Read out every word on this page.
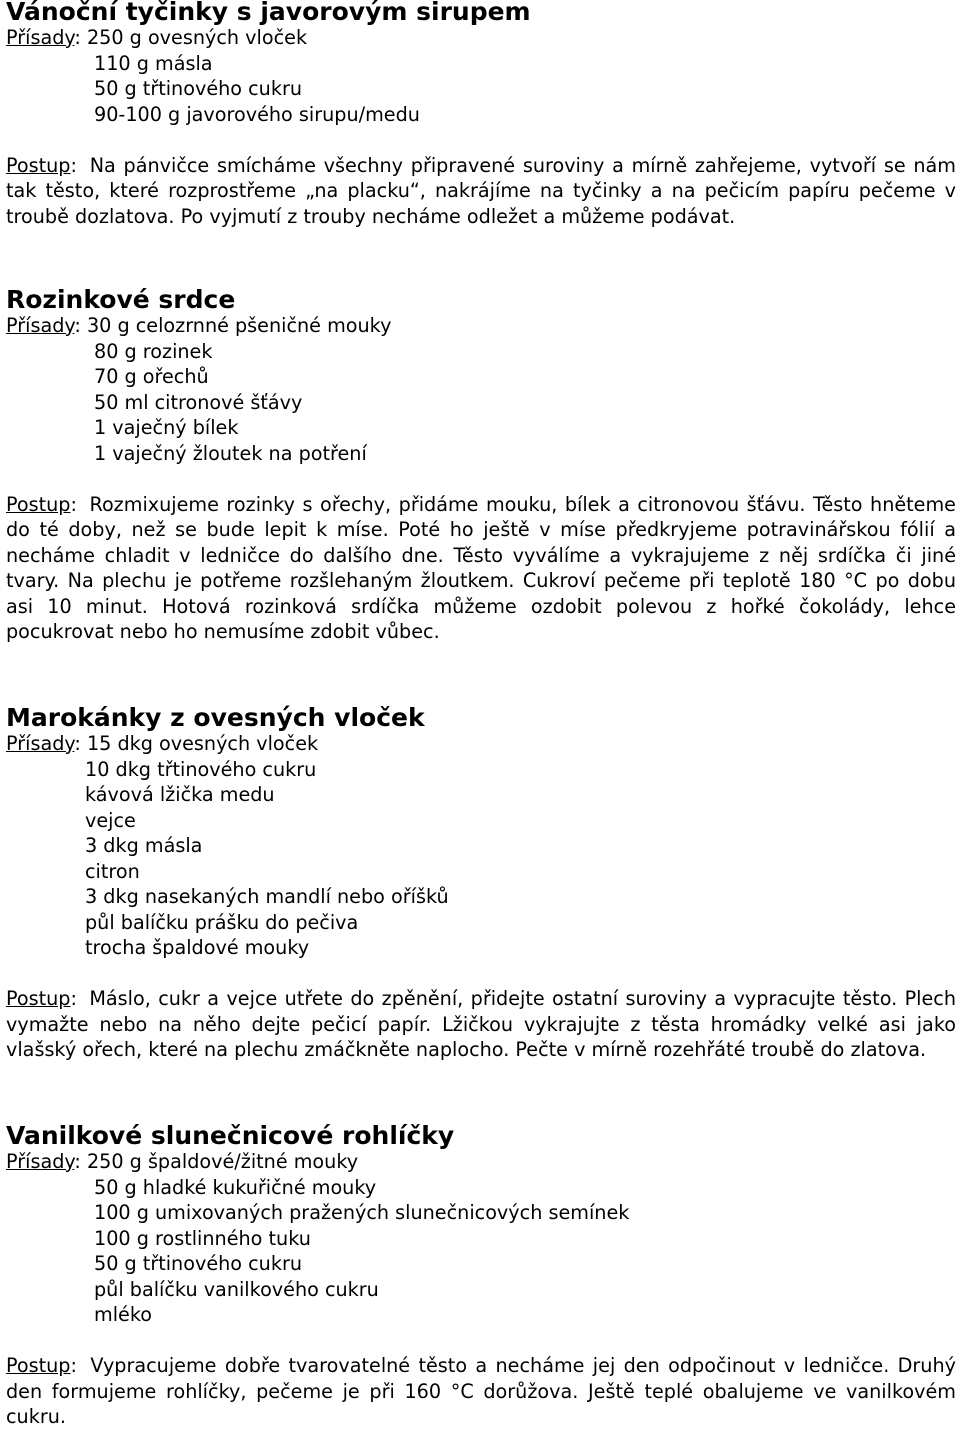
Vánoční tyčinky s javorovým sirupem
Přísady: 250 g ovesných vloček
110 g másla
50 g třtinového cukru
90-100 g javorového sirupu/medu

Postup: Na pánvičce smícháme všechny připravené suroviny a mírně zahřejeme, vytvoří se nám tak těsto, které rozprostřeme „na placku“, nakrájíme na tyčinky a na pečicím papíru pečeme v troubě dozlatova. Po vyjmutí z trouby necháme odležet a můžeme podávat.

Rozinkové srdce
Přísady: 30 g celozrnné pšeničné mouky
80 g rozinek
70 g ořechů
50 ml citronové šťávy
1 vaječný bílek
1 vaječný žloutek na potření

Postup: Rozmixujeme rozinky s ořechy, přidáme mouku, bílek a citronovou šťávu. Těsto hněteme do té doby, než se bude lepit k míse. Poté ho ještě v míse předkryjeme potravinářskou fólií a necháme chladit v ledničce do dalšího dne. Těsto vyválíme a vykrajujeme z něj srdíčka či jiné tvary. Na plechu je potřeme rozšlehaným žloutkem. Cukroví pečeme při teplotě 180 °C po dobu asi 10 minut. Hotová rozinková srdíčka můžeme ozdobit polevou z hořké čokolády, lehce pocukrovat nebo ho nemusíme zdobit vůbec.

Marokánky z ovesných vloček
Přísady: 15 dkg ovesných vloček
10 dkg třtinového cukru
kávová lžička medu
vejce
3 dkg másla
citron
3 dkg nasekaných mandlí nebo oříšků
půl balíčku prášku do pečiva
trocha špaldové mouky

Postup: Máslo, cukr a vejce utřete do zpěnění, přidejte ostatní suroviny a vypracujte těsto. Plech vymažte nebo na něho dejte pečicí papír. Lžičkou vykrajujte z těsta hromádky velké asi jako vlašský ořech, které na plechu zmáčkněte naplocho. Pečte v mírně rozehřáté troubě do zlatova.

Vanilkové slunečnicové rohlíčky
Přísady: 250 g špaldové/žitné mouky
50 g hladké kukuřičné mouky
100 g umixovaných pražených slunečnicových semínek
100 g rostlinného tuku
50 g třtinového cukru
půl balíčku vanilkového cukru
mléko

Postup: Vypracujeme dobře tvarovatelné těsto a necháme jej den odpočinout v ledničce. Druhý den formujeme rohlíčky, pečeme je při 160 °C dorůžova. Ještě teplé obalujeme ve vanilkovém cukru.
